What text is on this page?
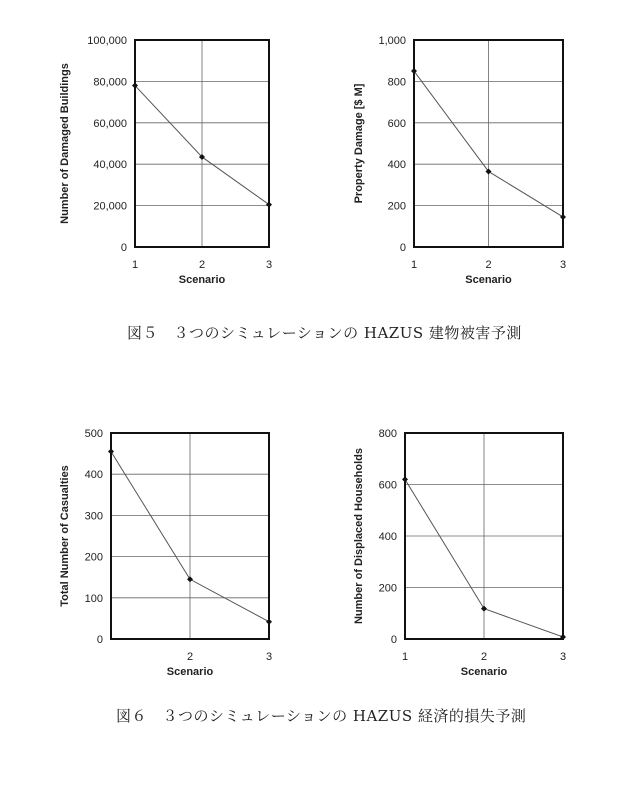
0
20,000
40,000
60,000
80,000
100,000
1	2	3
Scenario
Number of Damaged Buildings
0
200
400
600
800
1,000
1	2	3
Scenario
Property Damage [$ M]
0
100
200
300
400
500
2	3
Scenario
Total Number of Casualties
0
200
400
600
800
1	2	3
Scenario
Number of Displaced Households
図５　３つのシミュレーションの HAZUS 建物被害予測
図６　３つのシミュレーションの HAZUS 経済的損失予測
